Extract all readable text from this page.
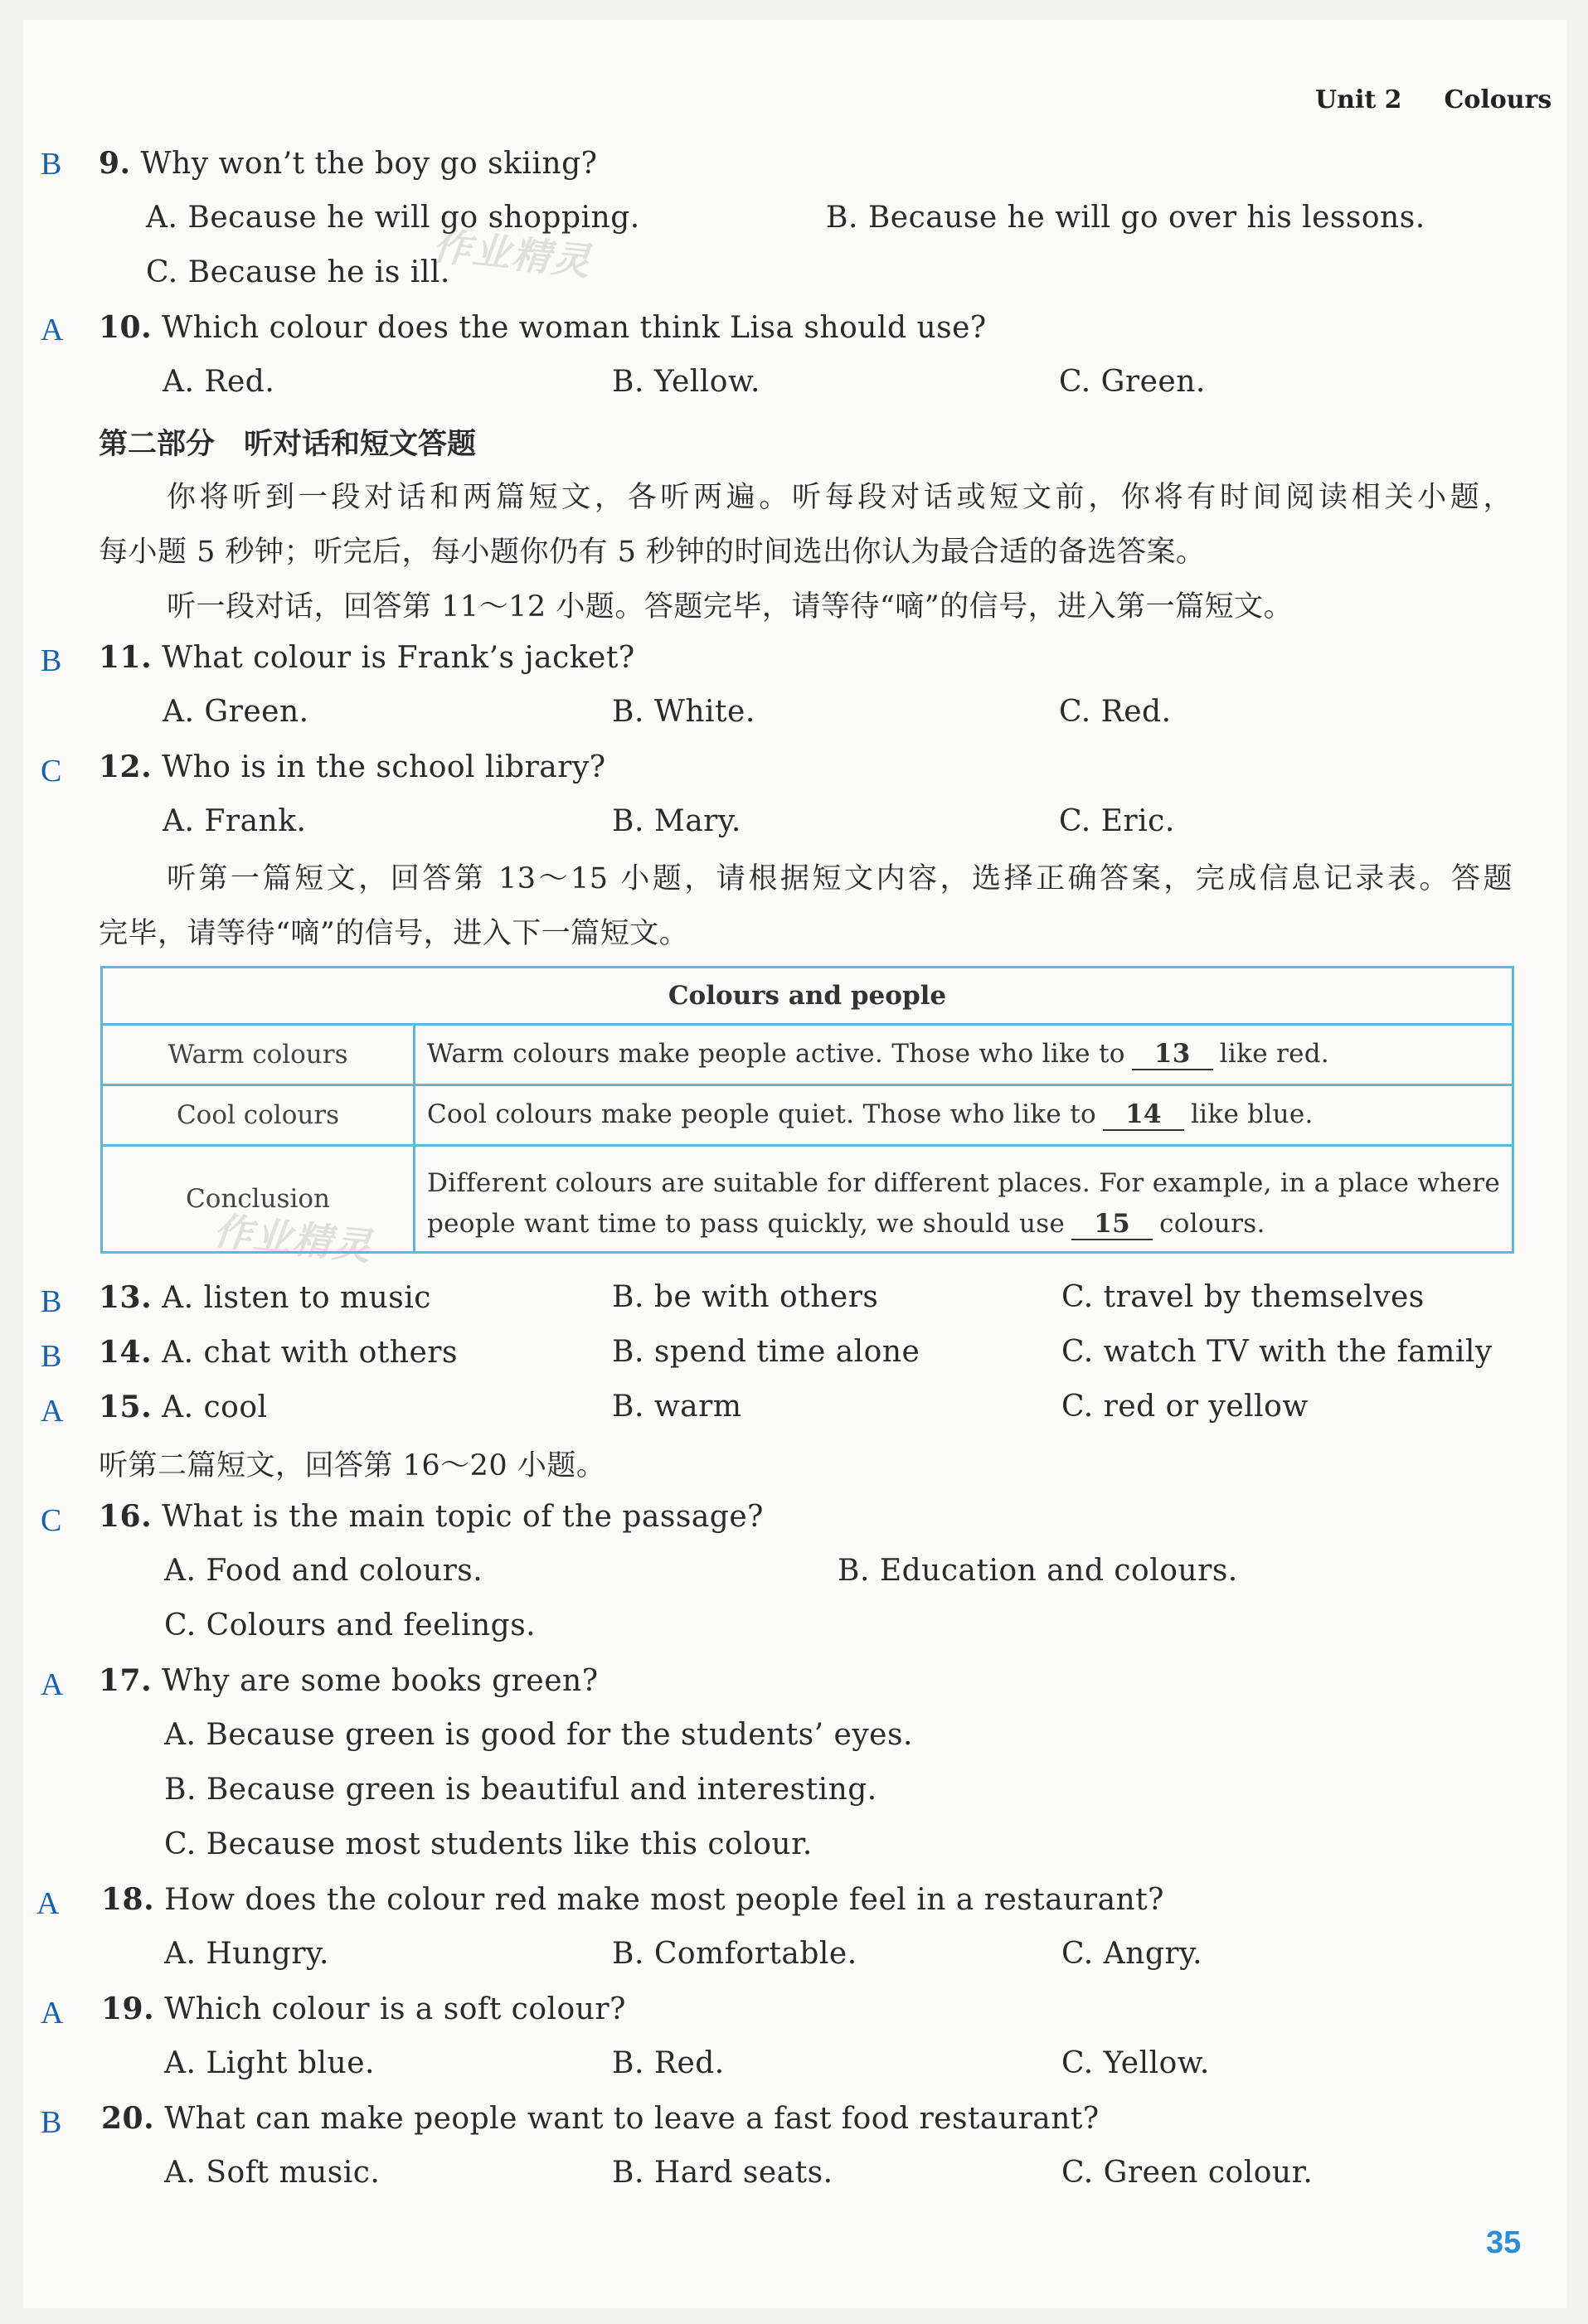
Unit 2 Colours
作业精灵
作业精灵
B 9. Why won’t the boy go skiing?
A. Because he will go shopping.	B. Because he will go over his lessons.
C. Because he is ill.
A 10. Which colour does the woman think Lisa should use?
A. Red.	B. Yellow.	C. Green.
第二部分　听对话和短文答题
你将听到一段对话和两篇短文，各听两遍。听每段对话或短文前，你将有时间阅读相关小题，
每小题 5 秒钟；听完后，每小题你仍有 5 秒钟的时间选出你认为最合适的备选答案。
听一段对话，回答第 11～12 小题。答题完毕，请等待“嘀”的信号，进入第一篇短文。
B 11. What colour is Frank’s jacket?
A. Green.	B. White.	C. Red.
C 12. Who is in the school library?
A. Frank.	B. Mary.	C. Eric.
听第一篇短文，回答第 13～15 小题，请根据短文内容，选择正确答案，完成信息记录表。答题
完毕，请等待“嘀”的信号，进入下一篇短文。
Colours and people	
Warm colours	Warm colours make people active. Those who like to 13 like red.
Cool colours	Cool colours make people quiet. Those who like to 14 like blue.
Conclusion	Different colours are suitable for different places. For example, in a place where
people want time to pass quickly, we should use 15 colours.
B 13. A. listen to music	B. be with others	C. travel by themselves
B 14. A. chat with others	B. spend time alone	C. watch TV with the family
A 15. A. cool	B. warm	C. red or yellow
听第二篇短文，回答第 16～20 小题。
C 16. What is the main topic of the passage?
A. Food and colours.	B. Education and colours.
C. Colours and feelings.
A 17. Why are some books green?
A. Because green is good for the students’ eyes.
B. Because green is beautiful and interesting.
C. Because most students like this colour.
A 18. How does the colour red make most people feel in a restaurant?
A. Hungry.	B. Comfortable.	C. Angry.
A 19. Which colour is a soft colour?
A. Light blue.	B. Red.	C. Yellow.
B 20. What can make people want to leave a fast food restaurant?
A. Soft music.	B. Hard seats.	C. Green colour.
35
